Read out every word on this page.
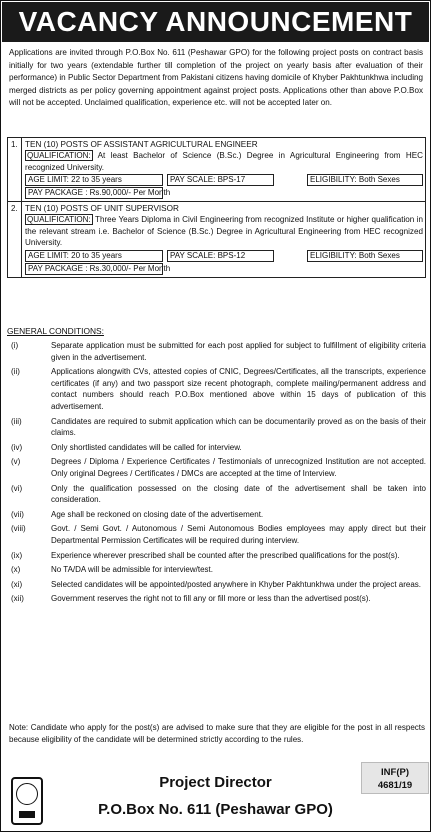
VACANCY ANNOUNCEMENT

Applications are invited through P.O.Box No. 611 (Peshawar GPO) for the following project posts on contract basis initially for two years (extendable further till completion of the project on yearly basis after evaluation of their performance) in Public Sector Department from Pakistani citizens having domicile of Khyber Pakhtunkhwa including merged districts as per policy governing appointment against project posts. Applications other than above P.O.Box will not be accepted. Unclaimed qualification, experience etc. will not be accepted later on.

1. TEN (10) POSTS OF ASSISTANT AGRICULTURAL ENGINEER
QUALIFICATION: At least Bachelor of Science (B.Sc.) Degree in Agricultural Engineering from HEC recognized University.
AGE LIMIT: 22 to 35 years	PAY SCALE: BPS-17	ELIGIBILITY: Both Sexes
PAY PACKAGE : Rs.90,000/- Per Month
2. TEN (10) POSTS OF UNIT SUPERVISOR
QUALIFICATION: Three Years Diploma in Civil Engineering from recognized Institute or higher qualification in the relevant stream i.e. Bachelor of Science (B.Sc.) Degree in Agricultural Engineering from HEC recognized University.
AGE LIMIT: 20 to 35 years	PAY SCALE: BPS-12	ELIGIBILITY: Both Sexes
PAY PACKAGE : Rs.30,000/- Per Month
GENERAL CONDITIONS:
(i)	Separate application must be submitted for each post applied for subject to fulfillment of eligibility criteria given in the advertisement.
(ii)	Applications alongwith CVs, attested copies of CNIC, Degrees/Certificates, all the transcripts, experience certificates (if any) and two passport size recent photograph, complete mailing/permanent address and contact numbers should reach P.O.Box mentioned above within 15 days of publication of this advertisement.
(iii)	Candidates are required to submit application which can be documentarily proved as on the basis of their claims.
(iv)	Only shortlisted candidates will be called for interview.
(v)	Degrees / Diploma / Experience Certificates / Testimonials of unrecognized Institution are not accepted. Only original Degrees / Certificates / DMCs are accepted at the time of Interview.
(vi)	Only the qualification possessed on the closing date of the advertisement shall be taken into consideration.
(vii)	Age shall be reckoned on closing date of the advertisement.
(viii)	Govt. / Semi Govt. / Autonomous / Semi Autonomous Bodies employees may apply direct but their Departmental Permission Certificates will be required during interview.
(ix)	Experience wherever prescribed shall be counted after the prescribed qualifications for the post(s).
(x)	No TA/DA will be admissible for interview/test.
(xi)	Selected candidates will be appointed/posted anywhere in Khyber Pakhtunkhwa under the project areas.
(xii)	Government reserves the right not to fill any or fill more or less than the advertised post(s).

Note: Candidate who apply for the post(s) are advised to make sure that they are eligible for the post in all respects because eligibility of the candidate will be determined strictly according to the rules.

Project Director
P.O.Box No. 611 (Peshawar GPO)
INF(P)
4681/19
